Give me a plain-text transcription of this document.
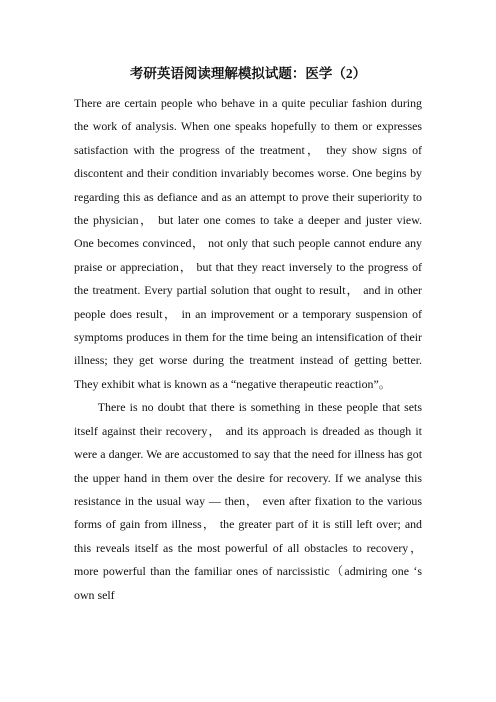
考研英语阅读理解模拟试题：医学（2）

There are certain people who behave in a quite peculiar fashion during the work of analysis. When one speaks hopefully to them or expresses satisfaction with the progress of the treatment， they show signs of discontent and their condition invariably becomes worse. One begins by regarding this as defiance and as an attempt to prove their superiority to the physician， but later one comes to take a deeper and juster view. One becomes convinced， not only that such people cannot endure any praise or appreciation， but that they react inversely to the progress of the treatment. Every partial solution that ought to result， and in other people does result， in an improvement or a temporary suspension of symptoms produces in them for the time being an intensification of their illness; they get worse during the treatment instead of getting better. They exhibit what is known as a “negative therapeutic reaction”。

There is no doubt that there is something in these people that sets itself against their recovery， and its approach is dreaded as though it were a danger. We are accustomed to say that the need for illness has got the upper hand in them over the desire for recovery. If we analyse this resistance in the usual way — then， even after fixation to the various forms of gain from illness， the greater part of it is still left over; and this reveals itself as the most powerful of all obstacles to recovery， more powerful than the familiar ones of narcissistic（admiring one ‘s own self
